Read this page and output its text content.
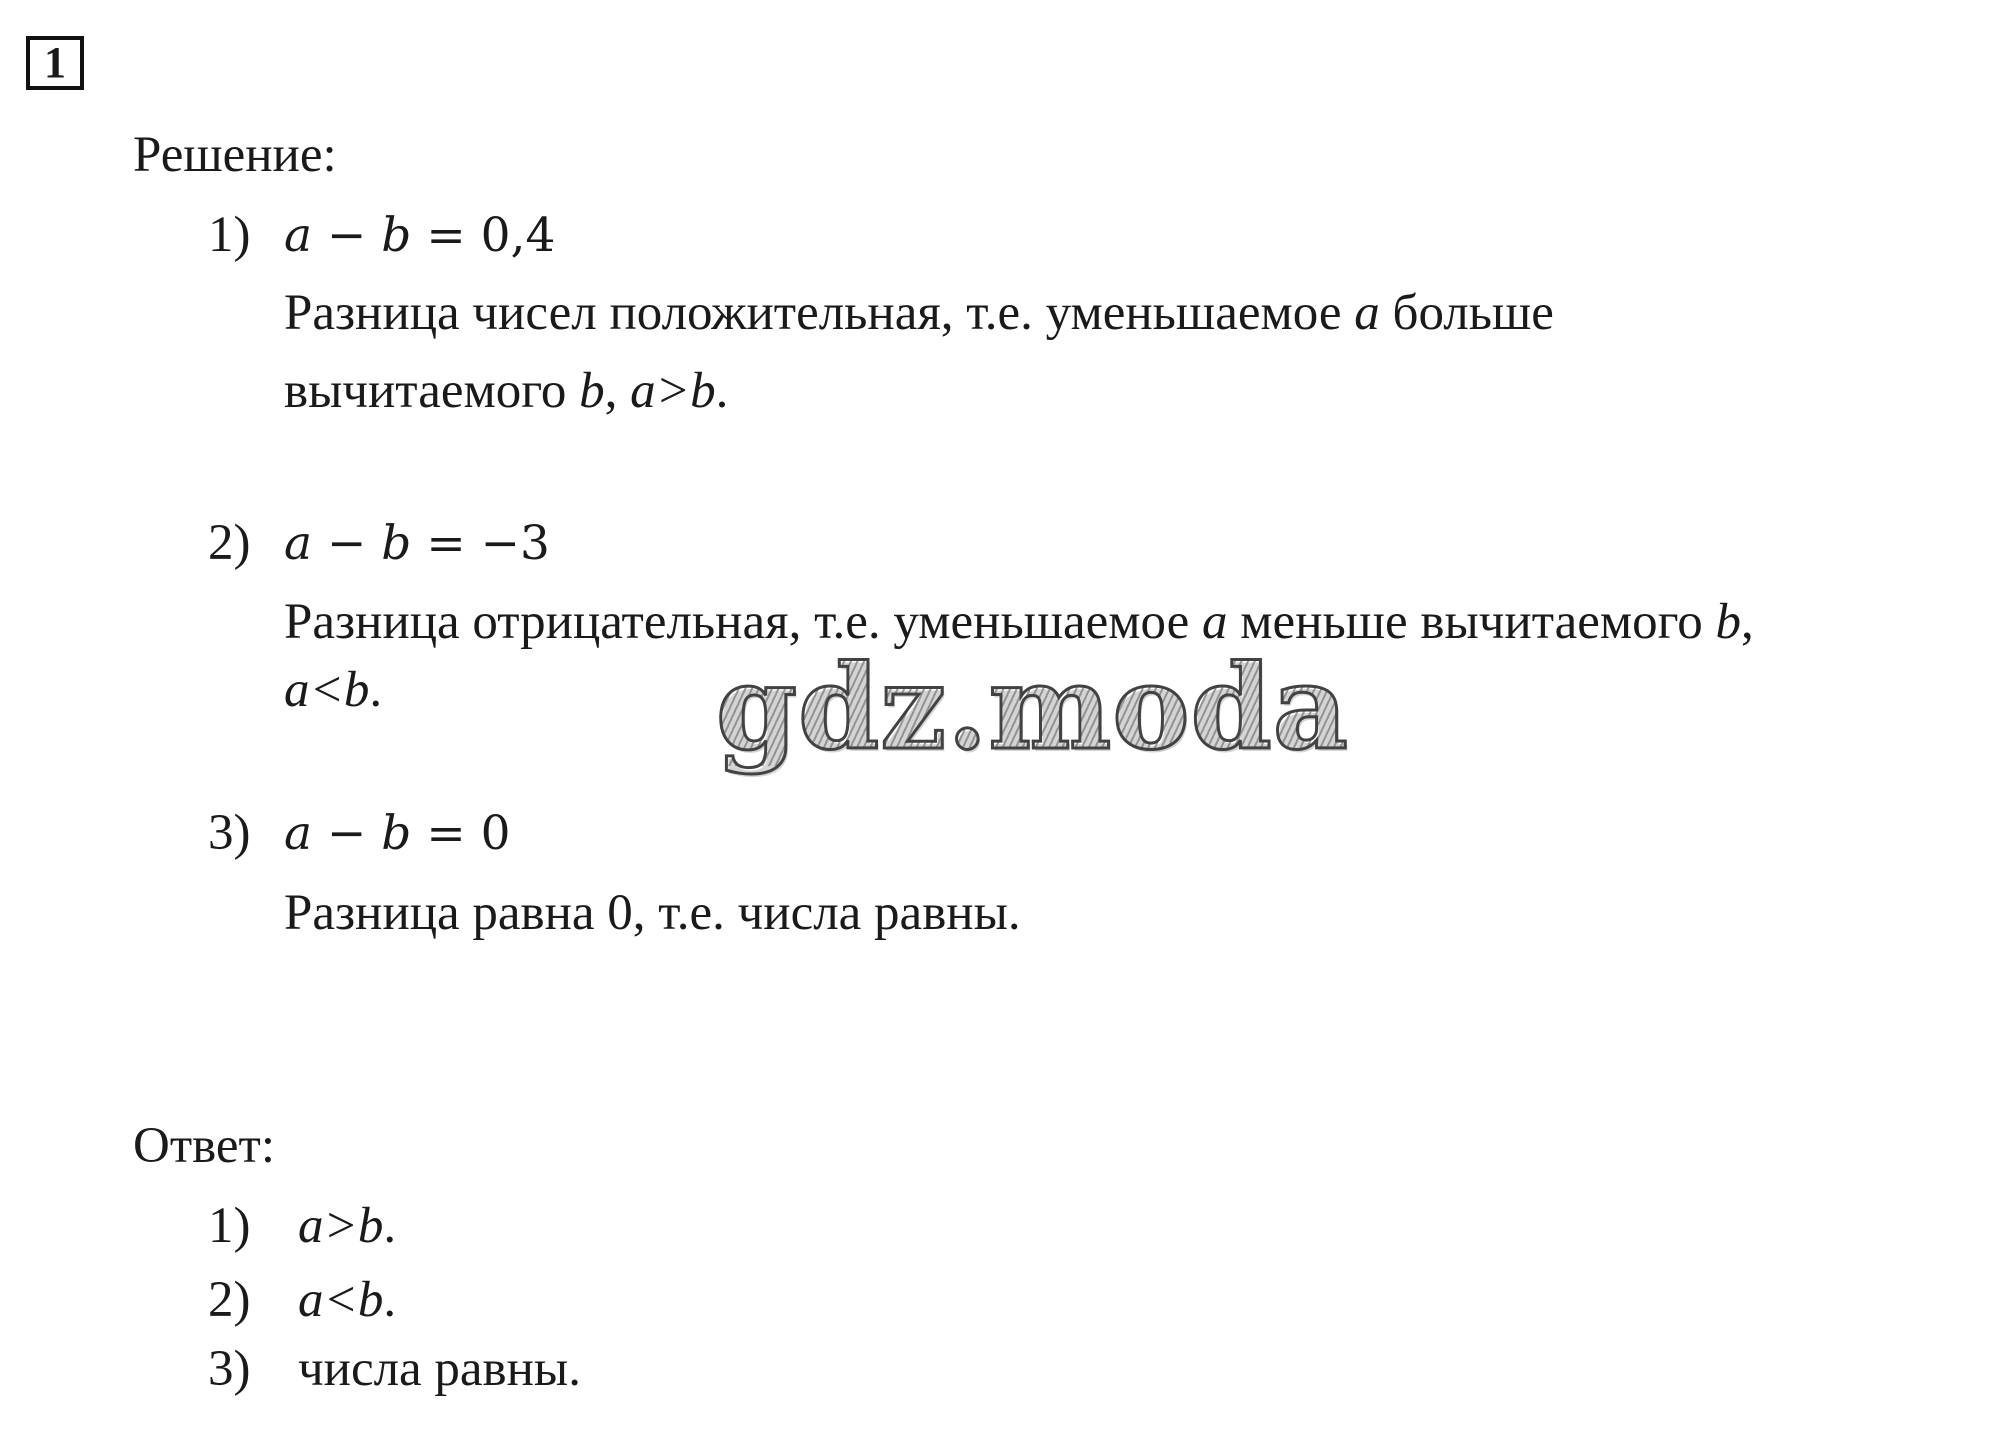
1
Решение:
1) a − b = 0,4
Разница чисел положительная, т.е. уменьшаемое a больше
вычитаемого b, a>b.
2) a − b = −3
Разница отрицательная, т.е. уменьшаемое a меньше вычитаемого b,
a<b.
3) a − b = 0
Разница равна 0, т.е. числа равны.
Ответ:
1) a>b.
2) a<b.
3) числа равны.
gdz.moda
